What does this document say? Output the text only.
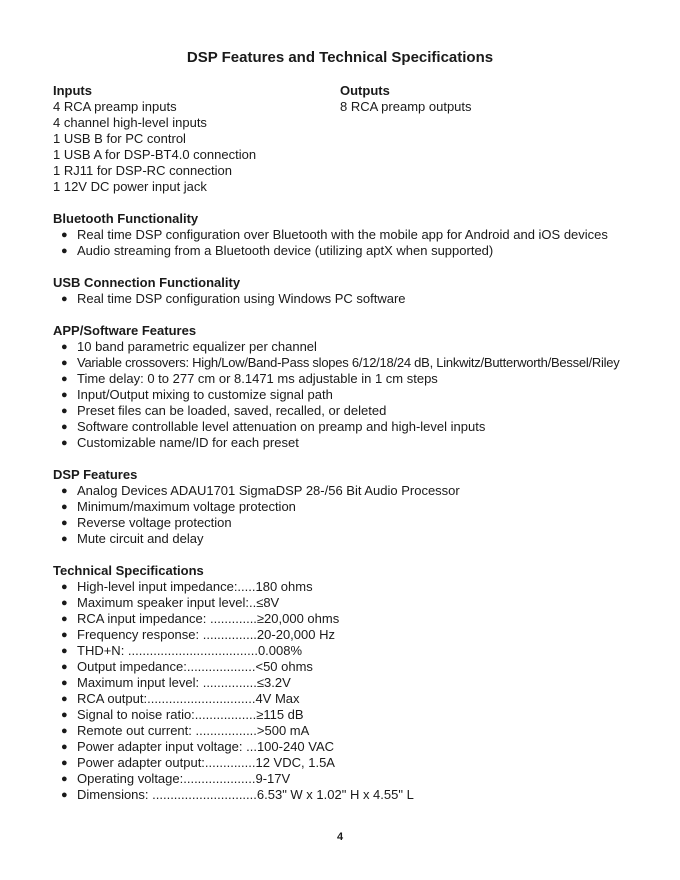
DSP Features and Technical Specifications
Inputs
4 RCA preamp inputs
4 channel high-level inputs
1 USB B for PC control
1 USB A for DSP-BT4.0 connection
1 RJ11 for DSP-RC connection
1 12V DC power input jack
Outputs
8 RCA preamp outputs
Bluetooth Functionality
● Real time DSP configuration over Bluetooth with the mobile app for Android and iOS devices
● Audio streaming from a Bluetooth device (utilizing aptX when supported)
USB Connection Functionality
● Real time DSP configuration using Windows PC software
APP/Software Features
● 10 band parametric equalizer per channel
● Variable crossovers: High/Low/Band-Pass slopes 6/12/18/24 dB, Linkwitz/Butterworth/Bessel/Riley
● Time delay: 0 to 277 cm or 8.1471 ms adjustable in 1 cm steps
● Input/Output mixing to customize signal path
● Preset files can be loaded, saved, recalled, or deleted
● Software controllable level attenuation on preamp and high-level inputs
● Customizable name/ID for each preset
DSP Features
● Analog Devices ADAU1701 SigmaDSP 28-/56 Bit Audio Processor
● Minimum/maximum voltage protection
● Reverse voltage protection
● Mute circuit and delay
Technical Specifications
● High-level input impedance:.....180 ohms
● Maximum speaker input level:..≤8V
● RCA input impedance: .............≥20,000 ohms
● Frequency response: ...............20-20,000 Hz
● THD+N: ....................................0.008%
● Output impedance:...................<50 ohms
● Maximum input level: ...............≤3.2V
● RCA output:..............................4V Max
● Signal to noise ratio:.................≥115 dB
● Remote out current: .................>500 mA
● Power adapter input voltage: ...100-240 VAC
● Power adapter output:..............12 VDC, 1.5A
● Operating voltage:....................9-17V
● Dimensions: .............................6.53" W x 1.02" H x 4.55" L
4
